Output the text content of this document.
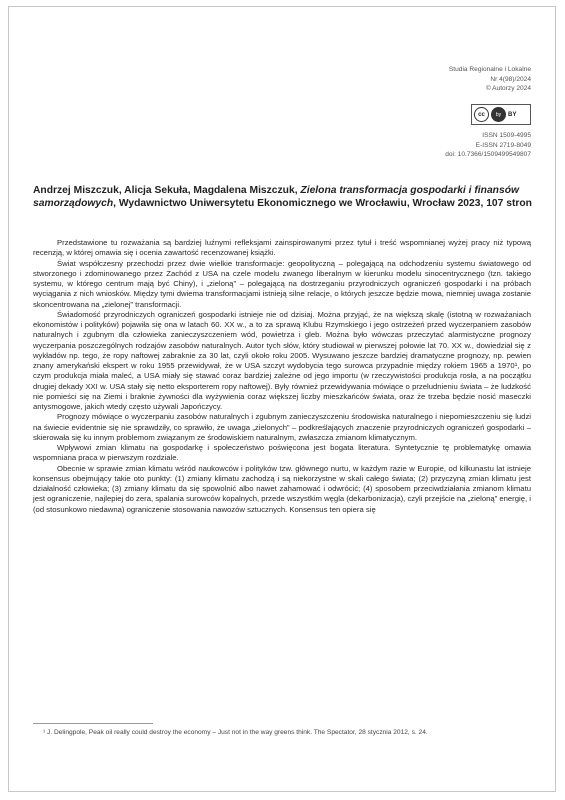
Studia Regionalne i Lokalne
Nr 4(98)/2024
© Autorzy 2024
cc	by	BY
ISSN 1509-4995
E-ISSN 2719-8049
doi: 10.7366/1509499549807
Andrzej Miszczuk, Alicja Sekuła, Magdalena Miszczuk, Zielona transformacja gospodarki i finansów samorządowych, Wydawnictwo Uniwersytetu Ekonomicznego we Wrocławiu, Wrocław 2023, 107 stron

Przedstawione tu rozważania są bardziej luźnymi refleksjami zainspirowanymi przez tytuł i treść wspomnianej wyżej pracy niż typową recenzją, w której omawia się i ocenia zawartość recenzowanej książki.

Świat współczesny przechodzi przez dwie wielkie transformacje: geopolityczną – polegającą na odchodzeniu systemu światowego od stworzonego i zdominowanego przez Zachód z USA na czele modelu zwanego liberalnym w kierunku modelu sinocentrycznego (tzn. takiego systemu, w którego centrum mają być Chiny), i „zieloną” – polegającą na dostrzeganiu przyrodniczych ograniczeń gospodarki i na próbach wyciągania z nich wniosków. Między tymi dwiema transformacjami istnieją silne relacje, o których jeszcze będzie mowa, niemniej uwaga zostanie skoncentrowana na „zielonej” transformacji.

Świadomość przyrodniczych ograniczeń gospodarki istnieje nie od dzisiaj. Można przyjąć, że na większą skalę (istotną w rozważaniach ekonomistów i polityków) pojawiła się ona w latach 60. XX w., a to za sprawą Klubu Rzymskiego i jego ostrzeżeń przed wyczerpaniem zasobów naturalnych i zgubnym dla człowieka zanieczyszczeniem wód, powietrza i gleb. Można było wówczas przeczytać alarmistyczne prognozy wyczerpania poszczególnych rodzajów zasobów naturalnych. Autor tych słów, który studiował w pierwszej połowie lat 70. XX w., dowiedział się z wykładów np. tego, że ropy naftowej zabraknie za 30 lat, czyli około roku 2005. Wysuwano jeszcze bardziej dramatyczne prognozy, np. pewien znany amerykański ekspert w roku 1955 przewidywał, że w USA szczyt wydobycia tego surowca przypadnie między rokiem 1965 a 1970¹, po czym produkcja miała maleć, a USA miały się stawać coraz bardziej zależne od jego importu (w rzeczywistości produkcja rosła, a na początku drugiej dekady XXI w. USA stały się netto eksporterem ropy naftowej). Były również przewidywania mówiące o przeludnieniu świata – że ludzkość nie pomieści się na Ziemi i braknie żywności dla wyżywienia coraz większej liczby mieszkańców świata, oraz że trzeba będzie nosić maseczki antysmogowe, jakich wtedy często używali Japończycy.

Prognozy mówiące o wyczerpaniu zasobów naturalnych i zgubnym zanieczyszczeniu środowiska naturalnego i niepomieszczeniu się ludzi na świecie evidentnie się nie sprawdziły, co sprawiło, że uwaga „zielonych” – podkreślających znaczenie przyrodniczych ograniczeń gospodarki – skierowała się ku innym problemom związanym ze środowiskiem naturalnym, zwłaszcza zmianom klimatycznym.

Wpływowi zmian klimatu na gospodarkę i społeczeństwo poświęcona jest bogata literatura. Syntetycznie tę problematykę omawia wspomniana praca w pierwszym rozdziale.

Obecnie w sprawie zmian klimatu wśród naukowców i polityków tzw. głównego nurtu, w każdym razie w Europie, od kilkunastu lat istnieje konsensus obejmujący takie oto punkty: (1) zmiany klimatu zachodzą i są niekorzystne w skali całego świata; (2) przyczyną zmian klimatu jest działalność człowieka; (3) zmiany klimatu da się spowolnić albo nawet zahamować i odwrócić; (4) sposobem przeciwdziałania zmianom klimatu jest ograniczenie, najlepiej do zera, spalania surowców kopalnych, przede wszystkim węgla (dekarbonizacja), czyli przejście na „zieloną” energię, i (od stosunkowo niedawna) ograniczenie stosowania nawozów sztucznych. Konsensus ten opiera się

¹ J. Delingpole, Peak oil really could destroy the economy – Just not in the way greens think. The Spectator, 28 stycznia 2012, s. 24.
